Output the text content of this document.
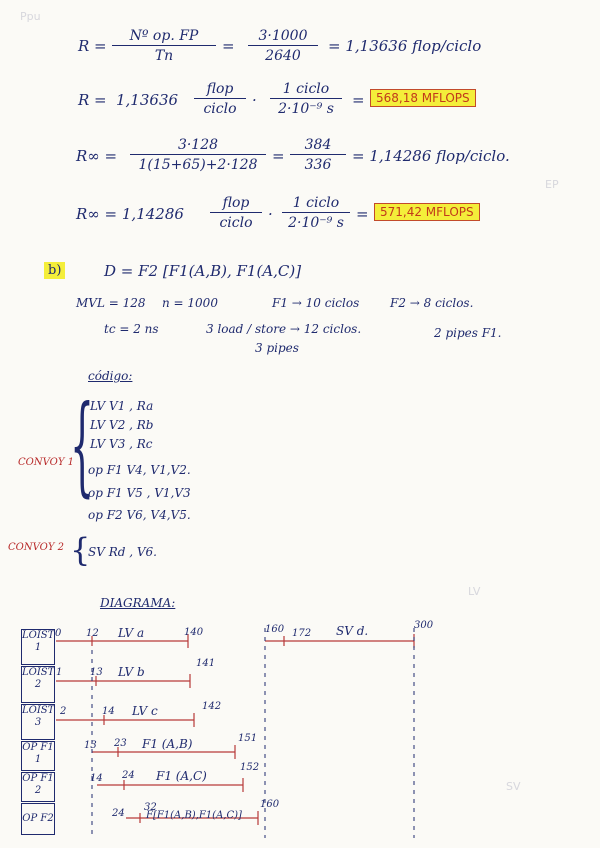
Ppu
EP
LV
SV
$R = \frac{\text{Nº op. FP}}{Tn} = \frac{3\cdot 1000}{2640} = 1,13636$ flop/ciclo
R = 1,13636
flop
ciclo	·
1 ciclo
2·10⁻⁹ s	= 568,18 MFLOPS
$R\infty = \frac{3\cdot 128}{1(15+65)+2\cdot 128} = \frac{384}{336} = 1,14286$ flop/ciclo.
R∞ = 1,14286
flop
ciclo	·
1 ciclo
2·10⁻⁹ s = 571,42 MFLOPS
b)	D = F2 [F1(A,B), F1(A,C)]
MVL = 128 n = 1000	F1 → 10 ciclos	F2 → 8 ciclos.
tc = 2 ns	3 load / store → 12 ciclos.
3 pipes
2 pipes F1.
código:
{
CONVOY 1
LV V1 , Ra
LV V2 , Rb
LV V3 , Rc
op F1 V4, V1,V2.
op F1 V5 , V1,V3
op F2 V6, V4,V5.
CONVOY 2 {
SV Rd , V6.
DIAGRAMA:
LOIST 1
LOIST 2
LOIST 3
OP F1 1
OP F1 2
OP F2
0 12 LV a	140
1	13 LV b
141
2	14 LV c	142
13 23 F1 (A,B)	151
14 24 F1 (A,C)
152
24
32
F[F1(A,B),F1(A,C)]
160
160 172 SV d.	300
